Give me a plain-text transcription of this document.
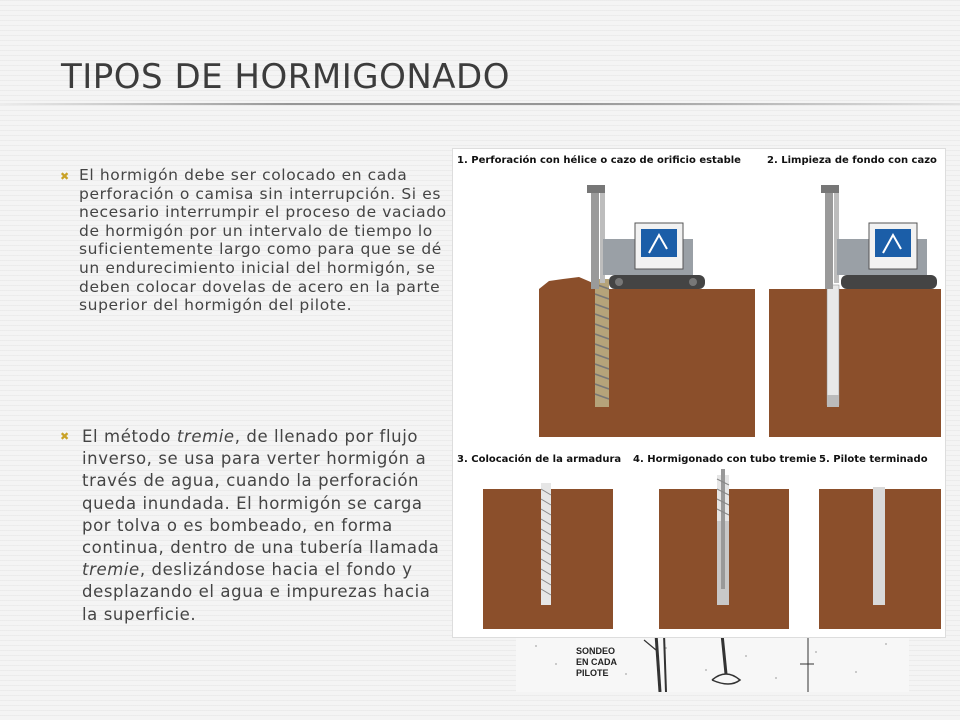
TIPOS DE HORMIGONADO
✖ El hormigón debe ser colocado en cada perforación o camisa sin interrupción. Si es necesario interrumpir el proceso de vaciado de hormigón por un intervalo de tiempo lo suficientemente largo como para que se dé un endurecimiento inicial del hormigón, se deben colocar dovelas de acero en la parte superior del hormigón del pilote.
✖ El método tremie, de llenado por flujo inverso, se usa para verter hormigón a través de agua, cuando la perforación queda inundada. El hormigón se carga por tolva o es bombeado, en forma continua, dentro de una tubería llamada tremie, deslizándose hacia el fondo y desplazando el agua e impurezas hacia la superficie.
SONDEO
EN CADA
PILOTE
1. Perforación con hélice o cazo de orificio estable	2. Limpieza de fondo con cazo
3. Colocación de la armadura 4. Hormigonado con tubo tremie 5. Pilote terminado
